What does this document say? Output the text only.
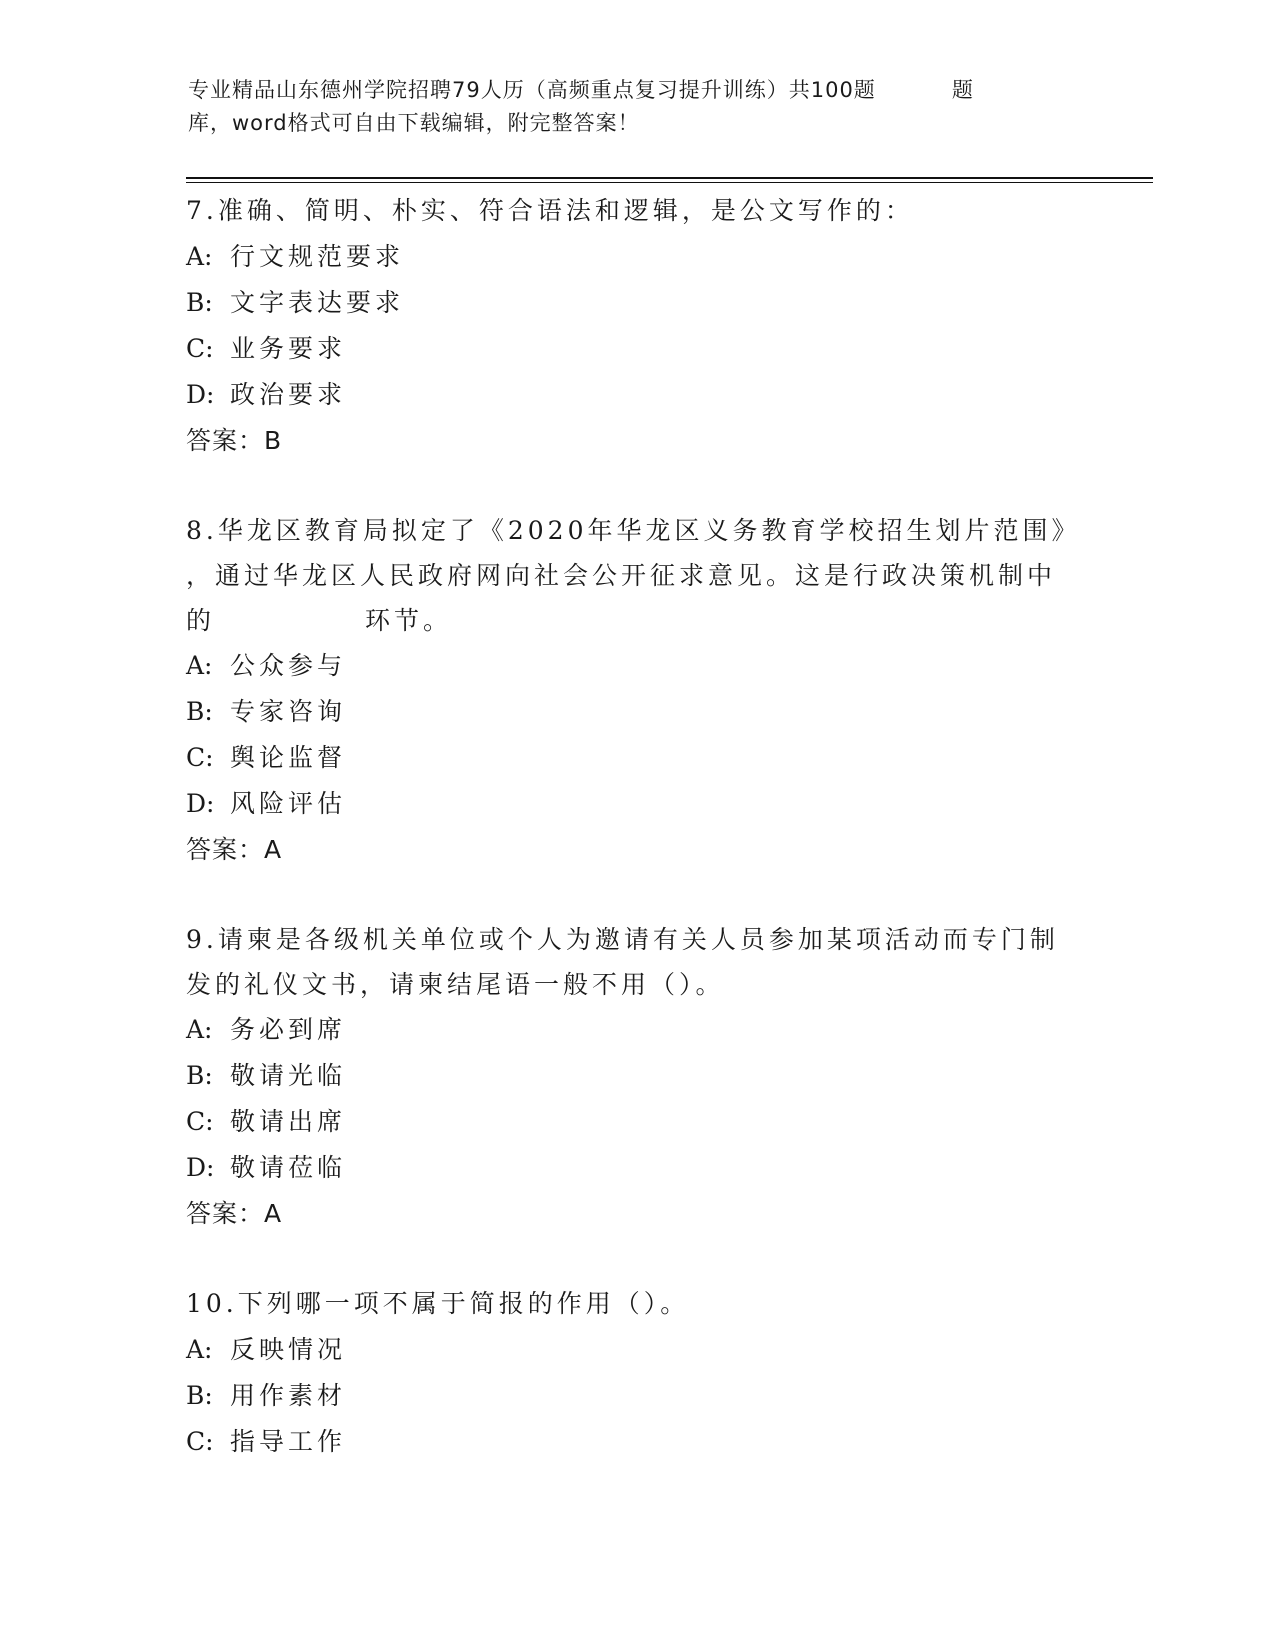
专业精品山东德州学院招聘79人历（高频重点复习提升训练）共100题	题
库，word格式可自由下载编辑，附完整答案！
7.准确、简明、朴实、符合语法和逻辑，是公文写作的：
A: 行文规范要求
B: 文字表达要求
C: 业务要求
D: 政治要求
答案：B
8.华龙区教育局拟定了《2020年华龙区义务教育学校招生划片范围》
，通过华龙区人民政府网向社会公开征求意见。这是行政决策机制中
的	环节。
A: 公众参与
B: 专家咨询
C: 舆论监督
D: 风险评估
答案：A
9.请柬是各级机关单位或个人为邀请有关人员参加某项活动而专门制
发的礼仪文书，请柬结尾语一般不用（）。
A: 务必到席
B: 敬请光临
C: 敬请出席
D: 敬请莅临
答案：A
10.下列哪一项不属于简报的作用（）。
A: 反映情况
B: 用作素材
C: 指导工作
